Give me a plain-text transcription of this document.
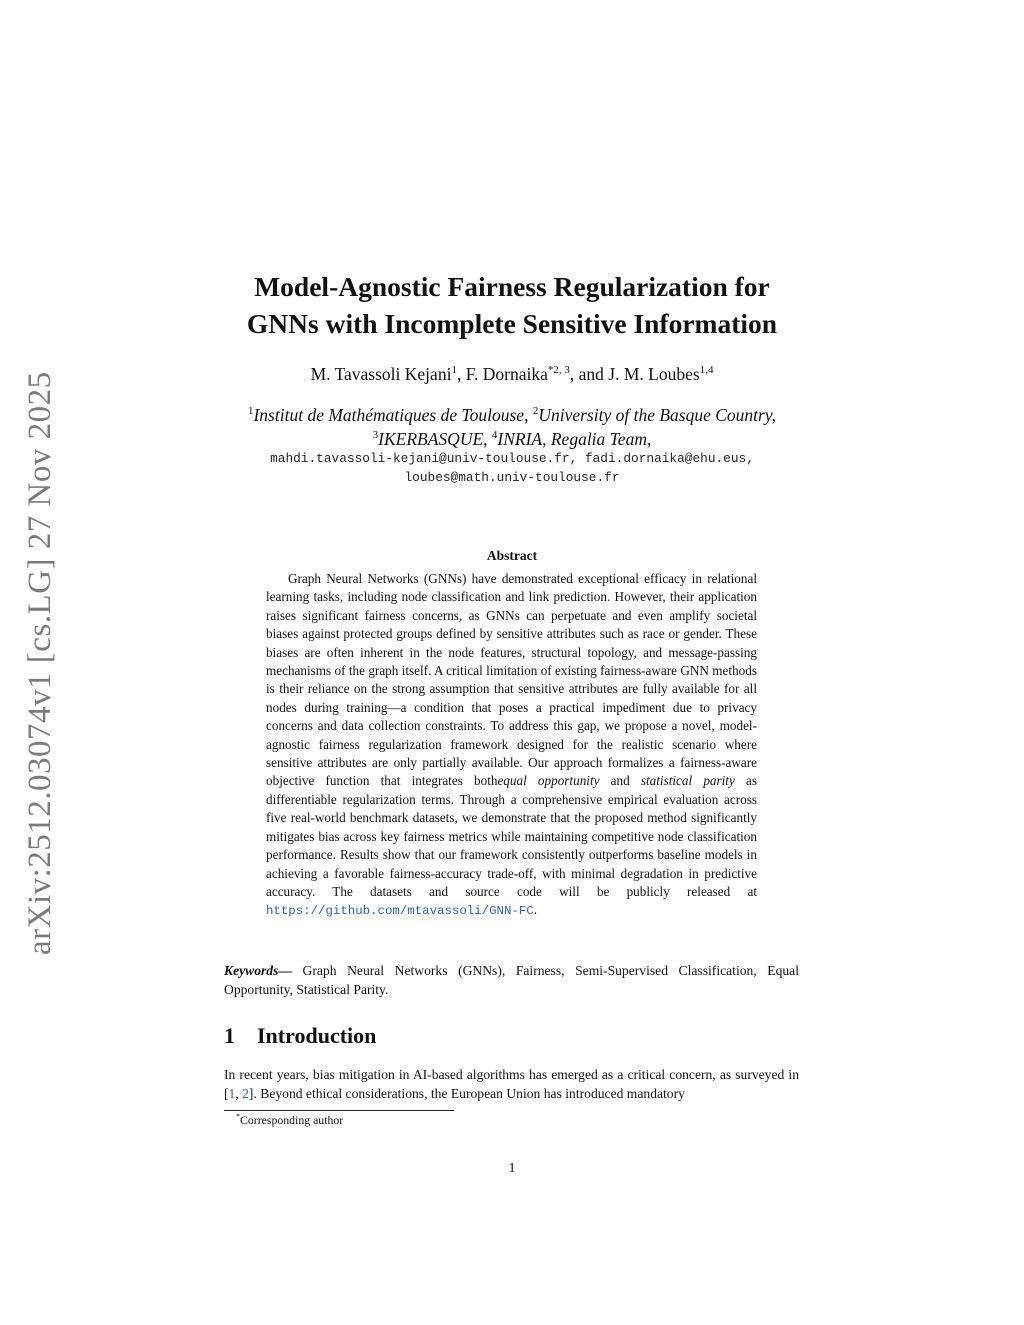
arXiv:2512.03074v1 [cs.LG] 27 Nov 2025
Model-Agnostic Fairness Regularization for
GNNs with Incomplete Sensitive Information
M. Tavassoli Kejani$^1$, F. Dornaika$^{*2, 3}$, and J. M. Loubes$^{1,4}$
$^1$Institut de Mathématiques de Toulouse, $^2$University of the Basque Country, $^3$IKERBASQUE, $^4$INRIA, Regalia Team,
mahdi.tavassoli-kejani@univ-toulouse.fr, fadi.dornaika@ehu.eus,
loubes@math.univ-toulouse.fr
Abstract
Graph Neural Networks (GNNs) have demonstrated exceptional efficacy in relational learning tasks, including node classification and link prediction. However, their application raises significant fairness concerns, as GNNs can perpetuate and even amplify societal biases against protected groups defined by sensitive attributes such as race or gender. These biases are often inherent in the node features, structural topology, and message-passing mechanisms of the graph itself. A critical limitation of existing fairness-aware GNN methods is their reliance on the strong assumption that sensitive attributes are fully available for all nodes during training—a condition that poses a practical impediment due to privacy concerns and data collection constraints. To address this gap, we propose a novel, model-agnostic fairness regularization framework designed for the realistic scenario where sensitive attributes are only partially available. Our approach formalizes a fairness-aware objective function that integrates bothequal opportunity and statistical parity as differentiable regularization terms. Through a comprehensive empirical evaluation across five real-world benchmark datasets, we demonstrate that the proposed method significantly mitigates bias across key fairness metrics while maintaining competitive node classification performance. Results show that our framework consistently outperforms baseline models in achieving a favorable fairness-accuracy trade-off, with minimal degradation in predictive accuracy. The datasets and source code will be publicly released at https://github.com/mtavassoli/GNN-FC.
Keywords— Graph Neural Networks (GNNs), Fairness, Semi-Supervised Classification, Equal Opportunity, Statistical Parity.
1 Introduction
In recent years, bias mitigation in AI-based algorithms has emerged as a critical concern, as surveyed in [1, 2]. Beyond ethical considerations, the European Union has introduced mandatory
*Corresponding author
1
